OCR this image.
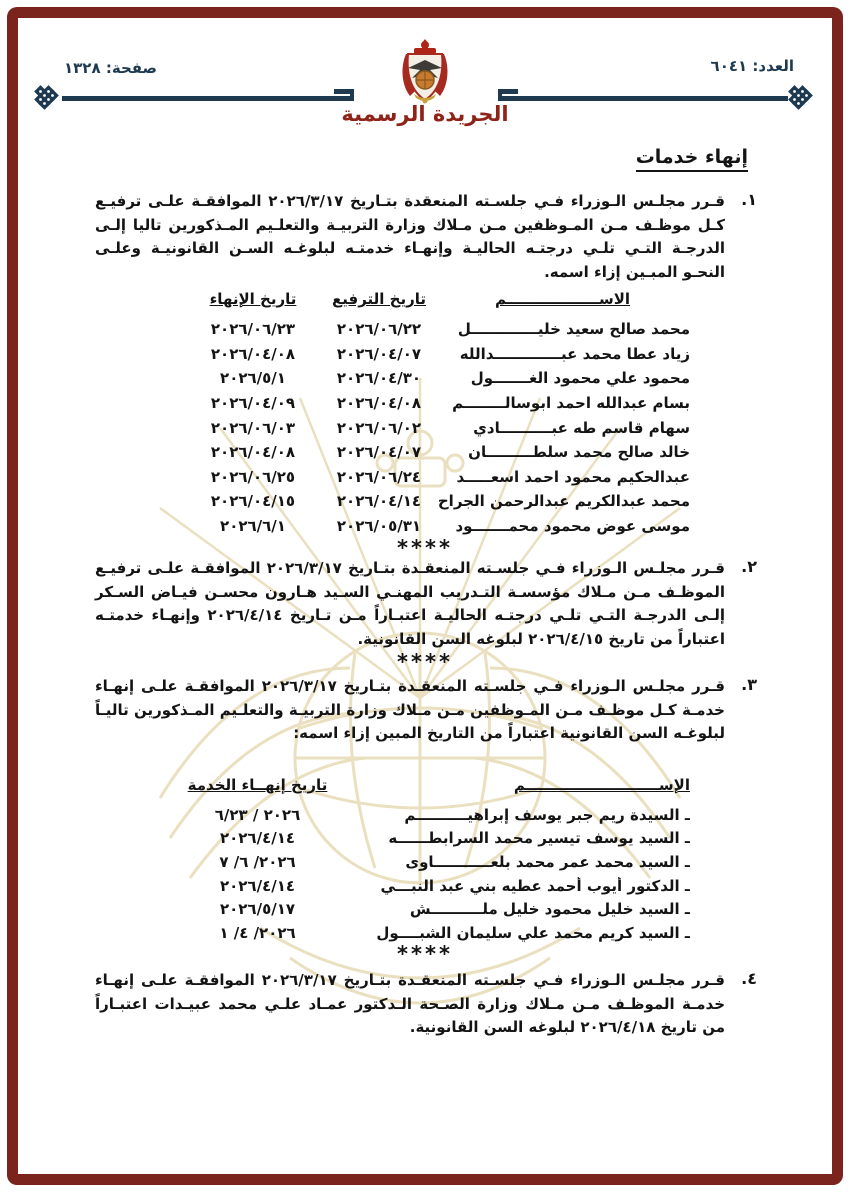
العدد: ٦٠٤١
صفحة: ١٣٢٨
الجريدة الرسمية
إنهاء خدمات
١.
قـرر مجلـس الـوزراء فـي جلسـته المنعقدة بتـاريخ ٢٠٢٦/٣/١٧ الموافقـة علـى ترفيـع كـل موظـف مـن المـوظفين مـن مـلاك وزارة التربيـة والتعلـيم المـذكورين تاليا إلـى الدرجـة التـي تلـي درجتـه الحاليـة وإنهـاء خدمتـه لبلوغـه السـن القانونيـة وعلـى النحـو المبـين إزاء اسمه.
الاســــــــــــــــــم
تاريخ الترفيع
تاريخ الإنهاء
محمد صالح سعيد خليـــــــــــــل
٢٠٢٦/٠٦/٢٢
٢٠٢٦/٠٦/٢٣
زياد عطا محمد عبـــــــــــــدالله
٢٠٢٦/٠٤/٠٧
٢٠٢٦/٠٤/٠٨
محمود علي محمود الغـــــــول
٢٠٢٦/٠٤/٣٠
٢٠٢٦/٥/١
بسام عبدالله احمد ابوسالــــــــم
٢٠٢٦/٠٤/٠٨
٢٠٢٦/٠٤/٠٩
سهام قاسم طه عبــــــــــادي
٢٠٢٦/٠٦/٠٢
٢٠٢٦/٠٦/٠٣
خالد صالح محمد سلطـــــــــان
٢٠٢٦/٠٤/٠٧
٢٠٢٦/٠٤/٠٨
عبدالحكيم محمود احمد اسعـــــد
٢٠٢٦/٠٦/٢٤
٢٠٢٦/٠٦/٢٥
محمد عبدالكريم عبدالرحمن الجراح
٢٠٢٦/٠٤/١٤
٢٠٢٦/٠٤/١٥
موسى عوض محمود محمـــــــود
٢٠٢٦/٠٥/٣١
٢٠٢٦/٦/١
****
٢.
قـرر مجلـس الـوزراء فـي جلسـته المنعقـدة بتـاريخ ٢٠٢٦/٣/١٧ الموافقـة علـى ترفيـع الموظـف مـن مـلاك مؤسسـة التـدريب المهنـي السـيد هـارون محسـن فيـاض السـكر إلـى الدرجـة التـي تلـي درجتـه الحاليـة اعتبـاراً مـن تـاريخ ٢٠٢٦/٤/١٤ وإنهـاء خدمتـه اعتباراً من تاريخ ٢٠٢٦/٤/١٥ لبلوغه السن القانونية.
****
٣.
قـرر مجلـس الـوزراء فـي جلسـته المنعقـدة بتـاريخ ٢٠٢٦/٣/١٧ الموافقـة علـى إنهـاء خدمـة كـل موظـف مـن المـوظفين مـن مـلاك وزارة التربيـة والتعلـيم المـذكورين تاليـاً لبلوغـه السن القانونية اعتباراً من التاريخ المبين إزاء اسمه:
الإســــــــــــــــــــــــــم
تاريخ إنهــاء الخدمة
ـ السيدة ريم جبر يوسف إبراهيــــــــــم
٢٠٢٦ / ٦/٢٣
ـ السيد يوسف تيسير محمد السرابطــــــه
٢٠٢٦/٤/١٤
ـ السيد محمد عمر محمد بلعـــــــــــاوى
٢٠٢٦/ ٦/ ٧
ـ الدكتور أيوب أحمد عطيه بني عبد النبـــي
٢٠٢٦/٤/١٤
ـ السيد خليل محمود خليل ملــــــــــش
٢٠٢٦/٥/١٧
ـ السيد كريم محمد علي سليمان الشبــــول
٢٠٢٦/ ٤/ ١
****
٤.
قـرر مجلـس الـوزراء فـي جلسـته المنعقـدة بتـاريخ ٢٠٢٦/٣/١٧ الموافقـة علـى إنهـاء خدمـة الموظـف مـن مـلاك وزارة الصـحة الـدكتور عمـاد علـي محمد عبيـدات اعتبـاراً من تاريخ ٢٠٢٦/٤/١٨ لبلوغه السن القانونية.
